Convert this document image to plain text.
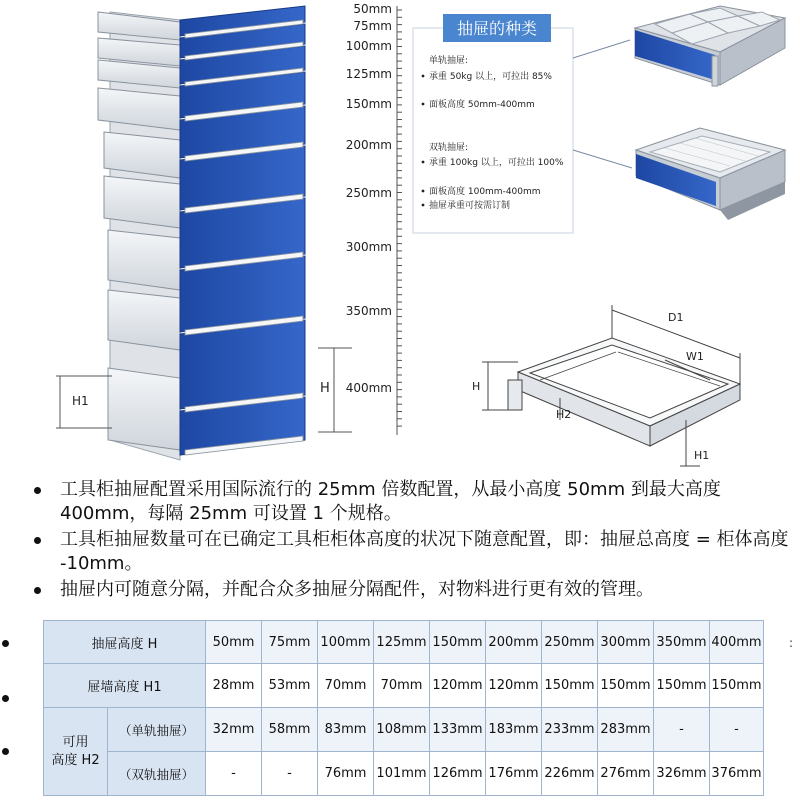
H1
H
50mm
75mm
100mm
125mm
150mm
200mm
250mm
300mm
350mm
400mm
抽屉的种类
单轨抽屉:
承重 50kg 以上，可拉出 85%
面板高度 50mm-400mm
双轨抽屉:
承重 100kg 以上，可拉出 100%
面板高度 100mm-400mm
抽屉承重可按需订制
D1
W1
H
H2
H1
工具柜抽屉配置采用国际流行的 25mm 倍数配置，从最小高度 50mm 到最大高度 400mm，每隔 25mm 可设置 1 个规格。
工具柜抽屉数量可在已确定工具柜柜体高度的状况下随意配置，即：抽屉总高度 = 柜体高度 -10mm。
抽屉内可随意分隔，并配合众多抽屉分隔配件，对物料进行更有效的管理。
:
抽屉高度 H		50mm	75mm	100mm	125mm	150mm	200mm	250mm	300mm	350mm	400mm
屉墙高度 H1		28mm	53mm	70mm	70mm	120mm	120mm	150mm	150mm	150mm	150mm
可用
高度 H2	（单轨抽屉）	32mm	58mm	83mm	108mm	133mm	183mm	233mm	283mm	-	-
	（双轨抽屉）	-	-	76mm	101mm	126mm	176mm	226mm	276mm	326mm	376mm
